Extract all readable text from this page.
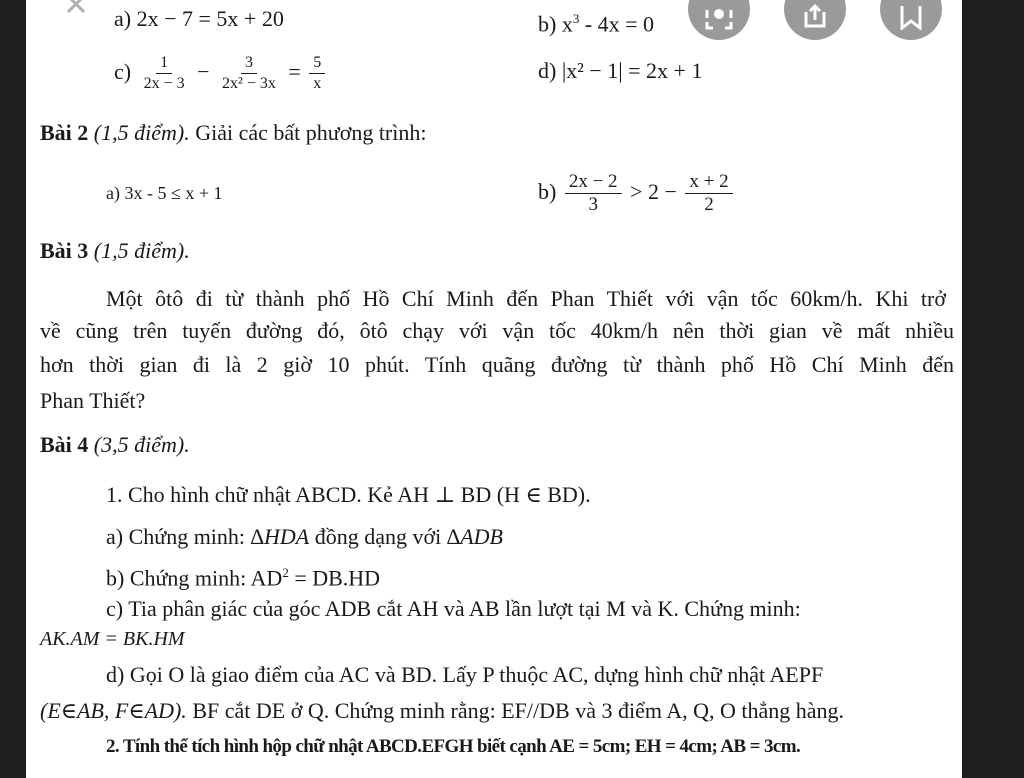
a) 2x − 7 = 5x + 20	b) $x^3 - 4x = 0$
$c) \frac{1}{2x - 3} - \frac{3}{\text{2x² − 3x}} = \frac{5}{x}$	d) |x² − 1| = 2x + 1
Bài 2 (1,5 điểm). Giải các bất phương trình:
a) 3x - 5 ≤ x + 1	$b) \frac{2x - 2}{3} > 2 - \frac{x + 2}{2}$
Bài 3 (1,5 điểm).
Một ôtô đi từ thành phố Hồ Chí Minh đến Phan Thiết với vận tốc 60km/h. Khi trở
về cũng trên tuyến đường đó, ôtô chạy với vận tốc 40km/h nên thời gian về mất nhiều
hơn thời gian đi là 2 giờ 10 phút. Tính quãng đường từ thành phố Hồ Chí Minh đến
Phan Thiết?
Bài 4 (3,5 điểm).
1. Cho hình chữ nhật ABCD. Kẻ AH ⊥ BD (H ∈ BD).
a) Chứng minh: ∆HDA đồng dạng với ∆ADB
b) Chứng minh: $AD^2 = DB.HD$
c) Tia phân giác của góc ADB cắt AH và AB lần lượt tại M và K. Chứng minh:
AK.AM = BK.HM
d) Gọi O là giao điểm của AC và BD. Lấy P thuộc AC, dựng hình chữ nhật AEPF
(E∈AB, F∈AD). BF cắt DE ở Q. Chứng minh rằng: EF//DB và 3 điểm A, Q, O thẳng hàng.
2. Tính thể tích hình hộp chữ nhật ABCD.EFGH biết cạnh AE = 5cm; EH = 4cm; AB = 3cm.
